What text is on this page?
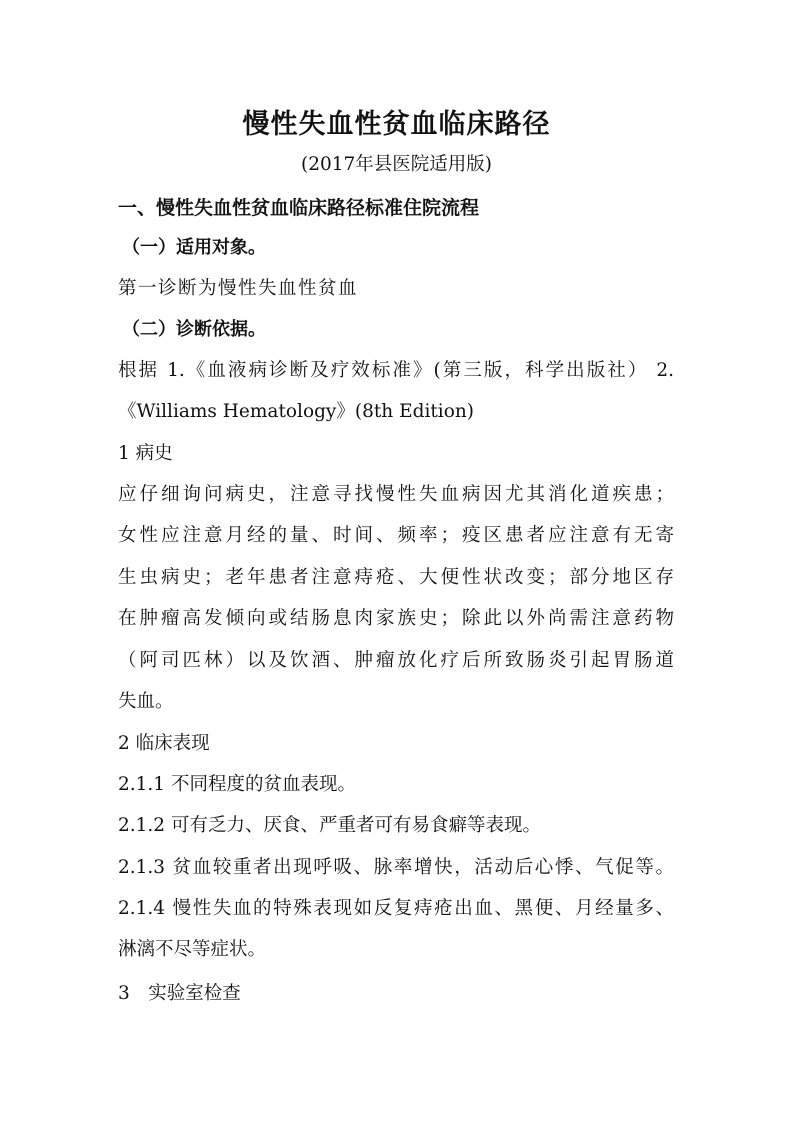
慢性失血性贫血临床路径
(2017年县医院适用版)
一、慢性失血性贫血临床路径标准住院流程
（一）适用对象。
第一诊断为慢性失血性贫血
（二）诊断依据。
根据 1.《血液病诊断及疗效标准》(第三版，科学出版社） 2.
《Williams Hematology》(8th Edition)
1 病史
应仔细询问病史，注意寻找慢性失血病因尤其消化道疾患；
女性应注意月经的量、时间、频率；疫区患者应注意有无寄
生虫病史；老年患者注意痔疮、大便性状改变；部分地区存
在肿瘤高发倾向或结肠息肉家族史；除此以外尚需注意药物
（阿司匹林）以及饮酒、肿瘤放化疗后所致肠炎引起胃肠道
失血。
2 临床表现
2.1.1 不同程度的贫血表现。
2.1.2 可有乏力、厌食、严重者可有易食癖等表现。
2.1.3 贫血较重者出现呼吸、脉率增快，活动后心悸、气促等。
2.1.4 慢性失血的特殊表现如反复痔疮出血、黑便、月经量多、
淋漓不尽等症状。
3　实验室检查
